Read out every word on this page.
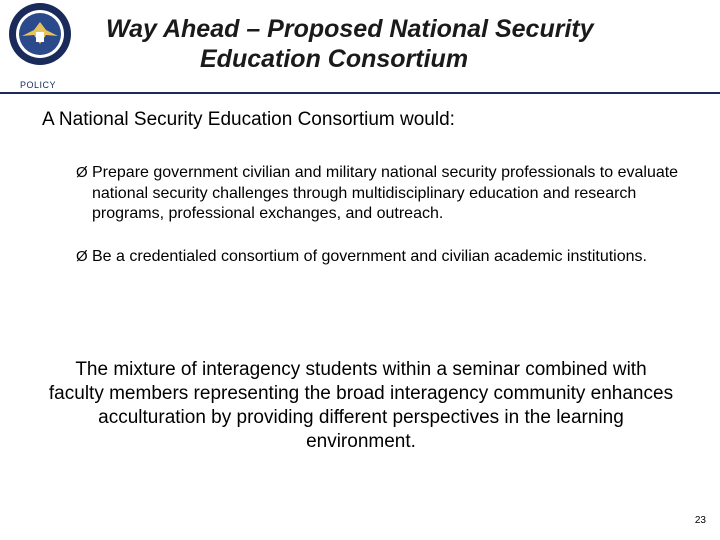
POLICY
Way Ahead – Proposed National Security
Education Consortium
A National Security Education Consortium would:
Ø Prepare government civilian and military national security professionals to evaluate national security challenges through multidisciplinary education and research programs, professional exchanges, and outreach.
Ø Be a credentialed consortium of government and civilian academic institutions.
The mixture of interagency students within a seminar combined with faculty members representing the broad interagency community enhances acculturation by providing different perspectives in the learning environment.
23
